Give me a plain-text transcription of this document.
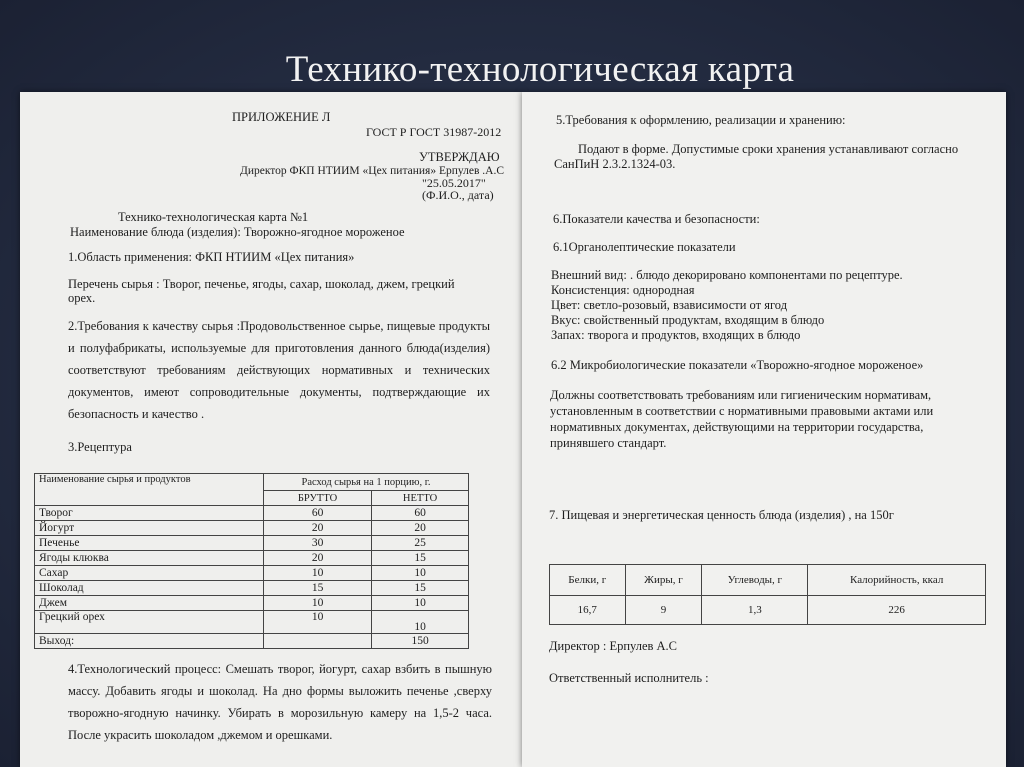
Технико-технологическая карта
ПРИЛОЖЕНИЕ Л
ГОСТ Р ГОСТ 31987-2012
УТВЕРЖДАЮ
Директор ФКП НТИИМ «Цех питания» Ерпулев .А.С
"25.05.2017"
(Ф.И.О., дата)
Технико-технологическая карта №1
Наименование блюда (изделия): Творожно-ягодное мороженое
1.Область применения: ФКП НТИИМ «Цех питания»
Перечень сырья : Творог, печенье, ягоды, сахар, шоколад, джем, грецкий
орех.
2.Требования к качеству сырья :Продовольственное сырье, пищевые продукты и полуфабрикаты, используемые для приготовления данного блюда(изделия) соответствуют требованиям действующих нормативных и технических документов, имеют сопроводительные документы, подтверждающие их безопасность и качество .
3.Рецептура
Наименование сырья и продуктов	Расход сырья на 1 порцию, г.	
	БРУТТО	НЕТТО
Творог	60	60
Йогурт	20	20
Печенье	30	25
Ягоды клюква	20	15
Сахар	10	10
Шоколад	15	15
Джем	10	10
Грецкий орех	10	10
Выход:		150
4.Технологический процесс: Смешать творог, йогурт, сахар взбить в пышную массу. Добавить ягоды и шоколад. На дно формы выложить печенье ,сверху творожно-ягодную начинку. Убирать в морозильную камеру на 1,5-2 часа. После украсить шоколадом ,джемом и орешками.
5.Требования к оформлению, реализации и хранению:
Подают в форме. Допустимые сроки хранения устанавливают согласно
СанПиН 2.3.2.1324-03.
6.Показатели качества и безопасности:
6.1Органолептические показатели
Внешний вид: . блюдо декорировано компонентами по рецептуре.
Консистенция: однородная
Цвет: светло-розовый, взависимости от ягод
Вкус: свойственный продуктам, входящим в блюдо
Запах: творога и продуктов, входящих в блюдо
6.2 Микробиологические показатели «Творожно-ягодное мороженое»
Должны соответствовать требованиям или гигиеническим нормативам, установленным в соответствии с нормативными правовыми актами или нормативных документах, действующими на территории государства, принявшего стандарт.
7. Пищевая и энергетическая ценность блюда (изделия) , на 150г
Белки, г	Жиры, г	Углеводы, г	Калорийность, ккал
16,7	9	1,3	226
Директор : Ерпулев А.С
Ответственный исполнитель :
